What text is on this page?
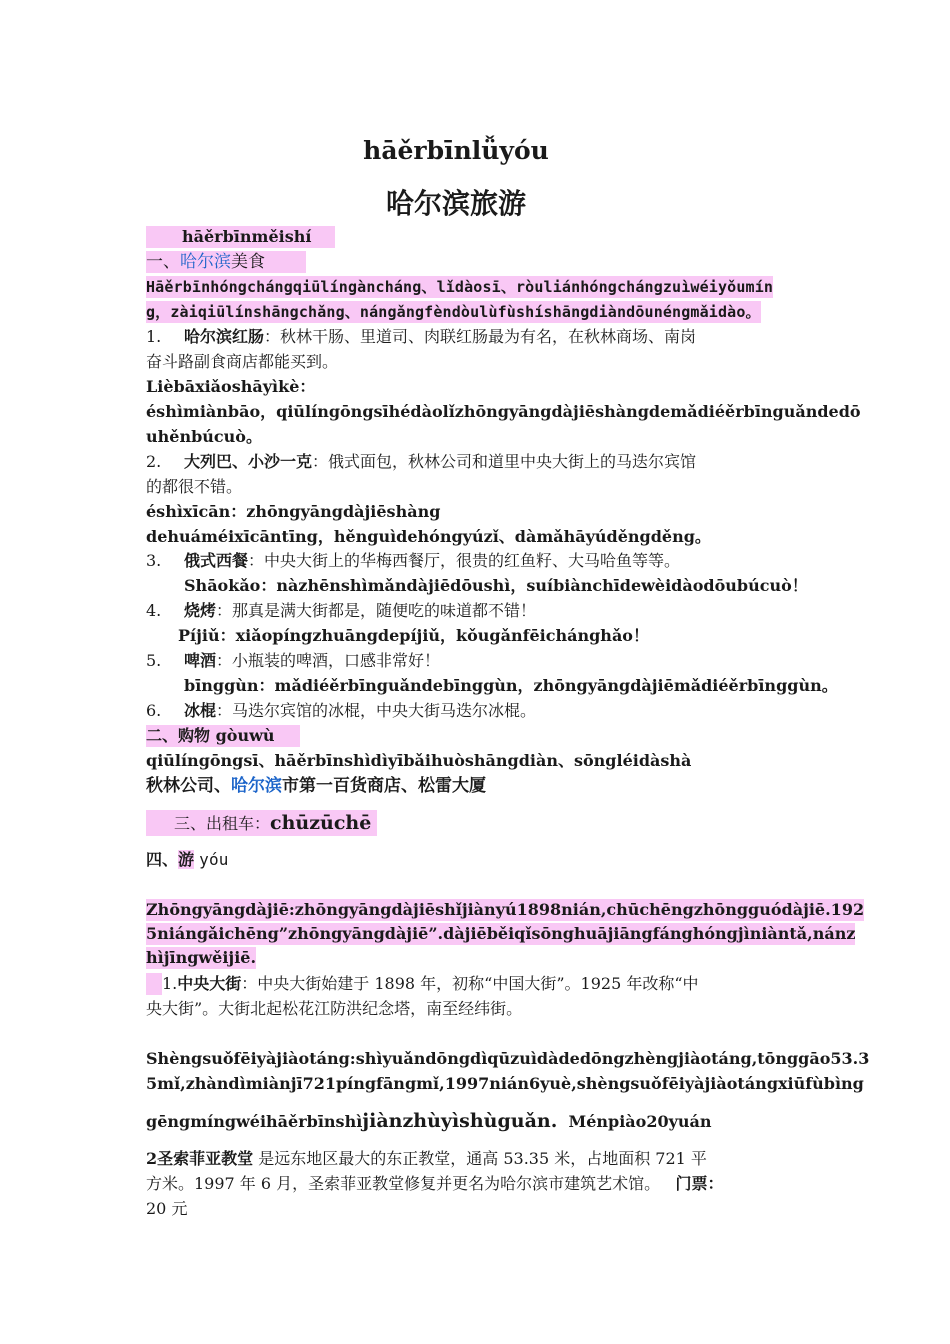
hāěrbīnlǚyóu
哈尔滨旅游
hāěrbīnměishí
一、哈尔滨美食
Hāěrbīnhóngchángqiūlíngàncháng、lǐdàosī、ròuliánhóngchángzuìwéiyǒumín
g，zàiqiūlínshāngchǎng、nángǎngfèndòulùfùshíshāngdiàndōunéngmǎidào。
1. 哈尔滨红肠：秋林干肠、里道司、肉联红肠最为有名，在秋林商场、南岗
奋斗路副食商店都能买到。
Lièbāxiǎoshāyìkè：
éshìmiànbāo，qiūlíngōngsīhédàolǐzhōngyāngdàjiēshàngdemǎdiéěrbīnguǎndedō
uhěnbúcuò。
2. 大列巴、小沙一克：俄式面包，秋林公司和道里中央大街上的马迭尔宾馆
的都很不错。
éshìxīcān：zhōngyāngdàjiēshàng
dehuáméixīcāntīng，hěnguìdehóngyúzǐ、dàmǎhāyúděngděng。
3. 俄式西餐：中央大街上的华梅西餐厅，很贵的红鱼籽、大马哈鱼等等。
Shāokǎo：nàzhēnshìmǎndàjiēdōushì，suíbiànchīdewèidàodōubúcuò！
4. 烧烤：那真是满大街都是，随便吃的味道都不错！
Píjiǔ：xiǎopíngzhuāngdepíjiǔ，kǒugǎnfēichánghǎo！
5. 啤酒：小瓶装的啤酒，口感非常好！
bīnggùn：mǎdiéěrbīnguǎndebīnggùn，zhōngyāngdàjiēmǎdiéěrbīnggùn。
6. 冰棍：马迭尔宾馆的冰棍，中央大街马迭尔冰棍。
二、购物 gòuwù
qiūlíngōngsī、hāěrbīnshìdìyībǎihuòshāngdiàn、sōngléidàshà
秋林公司、哈尔滨市第一百货商店、松雷大厦
三、出租车：chūzūchē
四、游 yóu
Zhōngyāngdàjiē:zhōngyāngdàjiēshǐjiànyú1898nián,chūchēngzhōngguódàjiē.192
5niángǎichēng”zhōngyāngdàjiē”.dàjiēběiqǐsōnghuājiāngfánghóngjìniàntǎ,nánz
hìjīngwěijiē.
1.中央大街：中央大街始建于 1898 年，初称“中国大街”。1925 年改称“中
央大街”。大街北起松花江防洪纪念塔，南至经纬街。
Shèngsuǒfēiyàjiàotáng:shìyuǎndōngdìqūzuìdàdedōngzhèngjiàotáng,tōnggāo53.3
5mǐ,zhàndìmiànjī721píngfāngmǐ,1997nián6yuè,shèngsuǒfēiyàjiàotángxiūfùbìng
gēngmíngwéihāěrbīnshìjiànzhùyìshùguǎn. Ménpiào20yuán
2圣索菲亚教堂 是远东地区最大的东正教堂，通高 53.35 米，占地面积 721 平
方米。1997 年 6 月，圣索菲亚教堂修复并更名为哈尔滨市建筑艺术馆。 门票：
20 元
